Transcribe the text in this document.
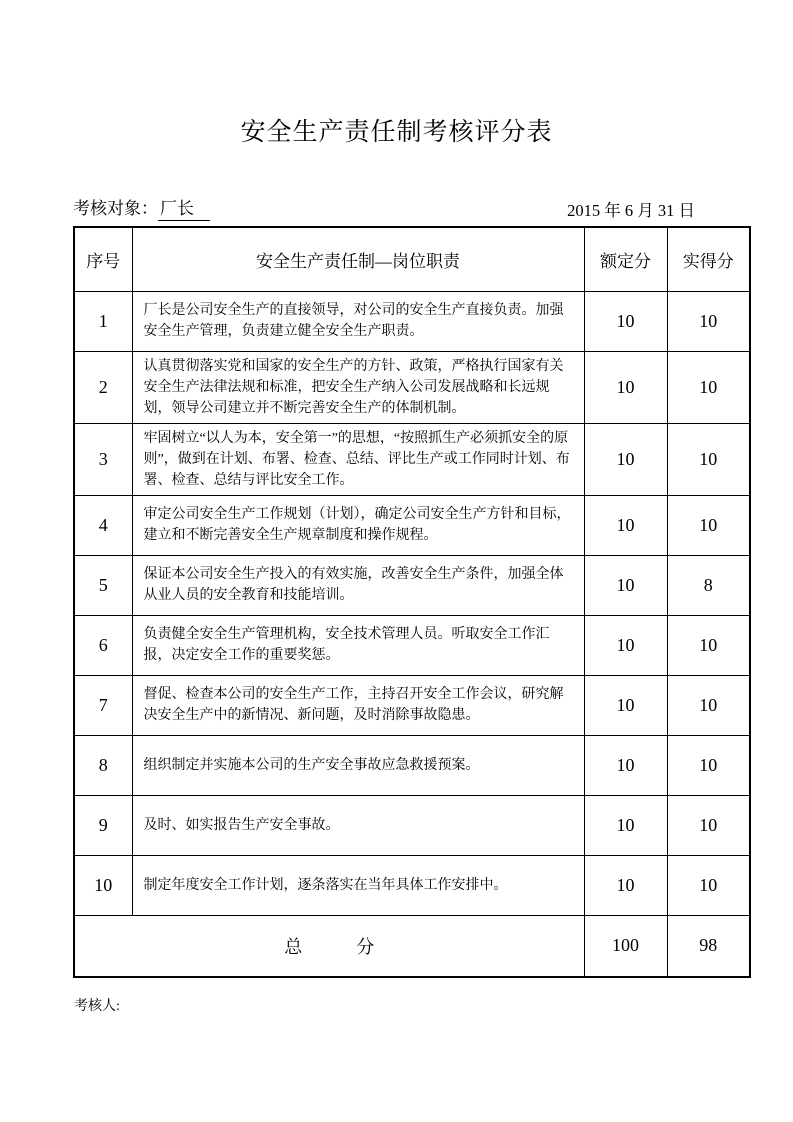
安全生产责任制考核评分表
考核对象： 厂长	2015 年 6 月 31 日
序号	安全生产责任制—岗位职责	额定分	实得分
1	厂长是公司安全生产的直接领导，对公司的安全生产直接负责。加强安全生产管理，负责建立健全安全生产职责。	10	10
2	认真贯彻落实党和国家的安全生产的方针、政策，严格执行国家有关安全生产法律法规和标准，把安全生产纳入公司发展战略和长远规划，领导公司建立并不断完善安全生产的体制机制。	10	10
3	牢固树立“以人为本，安全第一”的思想，“按照抓生产必须抓安全的原则”，做到在计划、布署、检查、总结、评比生产或工作同时计划、布署、检查、总结与评比安全工作。	10	10
4	审定公司安全生产工作规划（计划），确定公司安全生产方针和目标，建立和不断完善安全生产规章制度和操作规程。	10	10
5	保证本公司安全生产投入的有效实施，改善安全生产条件，加强全体从业人员的安全教育和技能培训。	10	8
6	负责健全安全生产管理机构，安全技术管理人员。听取安全工作汇报，决定安全工作的重要奖惩。	10	10
7	督促、检查本公司的安全生产工作，主持召开安全工作会议，研究解决安全生产中的新情况、新问题，及时消除事故隐患。	10	10
8	组织制定并实施本公司的生产安全事故应急救援预案。	10	10
9	及时、如实报告生产安全事故。	10	10
10	制定年度安全工作计划，逐条落实在当年具体工作安排中。	10	10
总　　　分		100	98
考核人:
